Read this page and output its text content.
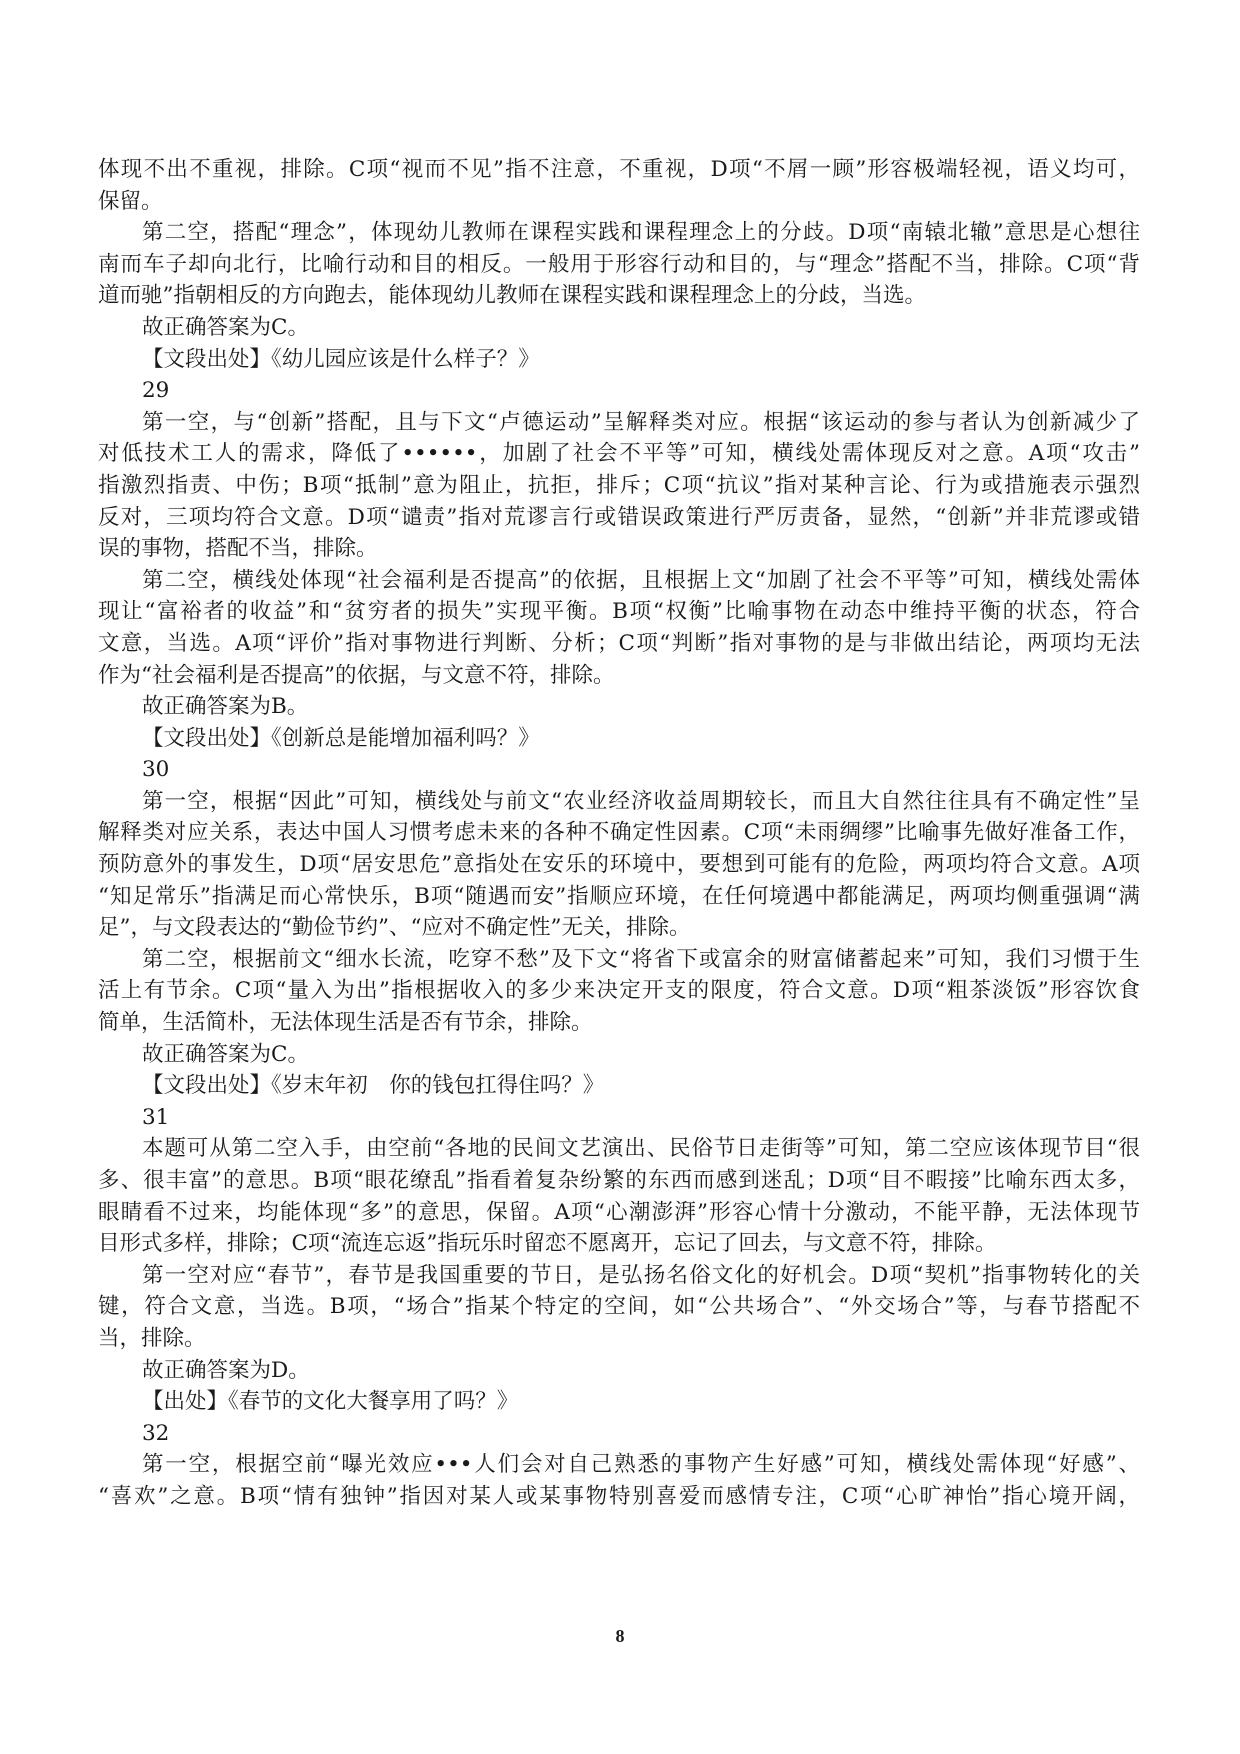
体现不出不重视，排除。C项“视而不见”指不注意，不重视，D项“不屑一顾”形容极端轻视，语义均可，
保留。
第二空，搭配“理念”，体现幼儿教师在课程实践和课程理念上的分歧。D项“南辕北辙”意思是心想往
南而车子却向北行，比喻行动和目的相反。一般用于形容行动和目的，与“理念”搭配不当，排除。C项“背
道而驰”指朝相反的方向跑去，能体现幼儿教师在课程实践和课程理念上的分歧，当选。
故正确答案为C。
【文段出处】《幼儿园应该是什么样子？》
29
第一空，与“创新”搭配，且与下文“卢德运动”呈解释类对应。根据“该运动的参与者认为创新减少了
对低技术工人的需求，降低了••••••，加剧了社会不平等”可知，横线处需体现反对之意。A项“攻击”
指激烈指责、中伤；B项“抵制”意为阻止，抗拒，排斥；C项“抗议”指对某种言论、行为或措施表示强烈
反对，三项均符合文意。D项“谴责”指对荒谬言行或错误政策进行严厉责备，显然，“创新”并非荒谬或错
误的事物，搭配不当，排除。
第二空，横线处体现“社会福利是否提高”的依据，且根据上文“加剧了社会不平等”可知，横线处需体
现让“富裕者的收益”和“贫穷者的损失”实现平衡。B项“权衡”比喻事物在动态中维持平衡的状态，符合
文意，当选。A项“评价”指对事物进行判断、分析；C项“判断”指对事物的是与非做出结论，两项均无法
作为“社会福利是否提高”的依据，与文意不符，排除。
故正确答案为B。
【文段出处】《创新总是能增加福利吗？》
30
第一空，根据“因此”可知，横线处与前文“农业经济收益周期较长，而且大自然往往具有不确定性”呈
解释类对应关系，表达中国人习惯考虑未来的各种不确定性因素。C项“未雨绸缪”比喻事先做好准备工作，
预防意外的事发生，D项“居安思危”意指处在安乐的环境中，要想到可能有的危险，两项均符合文意。A项
“知足常乐”指满足而心常快乐，B项“随遇而安”指顺应环境，在任何境遇中都能满足，两项均侧重强调“满
足”，与文段表达的“勤俭节约”、“应对不确定性”无关，排除。
第二空，根据前文“细水长流，吃穿不愁”及下文“将省下或富余的财富储蓄起来”可知，我们习惯于生
活上有节余。C项“量入为出”指根据收入的多少来决定开支的限度，符合文意。D项“粗茶淡饭”形容饮食
简单，生活简朴，无法体现生活是否有节余，排除。
故正确答案为C。
【文段出处】《岁末年初　你的钱包扛得住吗？》
31
本题可从第二空入手，由空前“各地的民间文艺演出、民俗节日走街等”可知，第二空应该体现节目“很
多、很丰富”的意思。B项“眼花缭乱”指看着复杂纷繁的东西而感到迷乱；D项“目不暇接”比喻东西太多，
眼睛看不过来，均能体现“多”的意思，保留。A项“心潮澎湃”形容心情十分激动，不能平静，无法体现节
目形式多样，排除；C项“流连忘返”指玩乐时留恋不愿离开，忘记了回去，与文意不符，排除。
第一空对应“春节”，春节是我国重要的节日，是弘扬名俗文化的好机会。D项“契机”指事物转化的关
键，符合文意，当选。B项，“场合”指某个特定的空间，如“公共场合”、“外交场合”等，与春节搭配不
当，排除。
故正确答案为D。
【出处】《春节的文化大餐享用了吗？》
32
第一空，根据空前“曝光效应•••人们会对自己熟悉的事物产生好感”可知，横线处需体现“好感”、
“喜欢”之意。B项“情有独钟”指因对某人或某事物特别喜爱而感情专注，C项“心旷神怡”指心境开阔，
8
